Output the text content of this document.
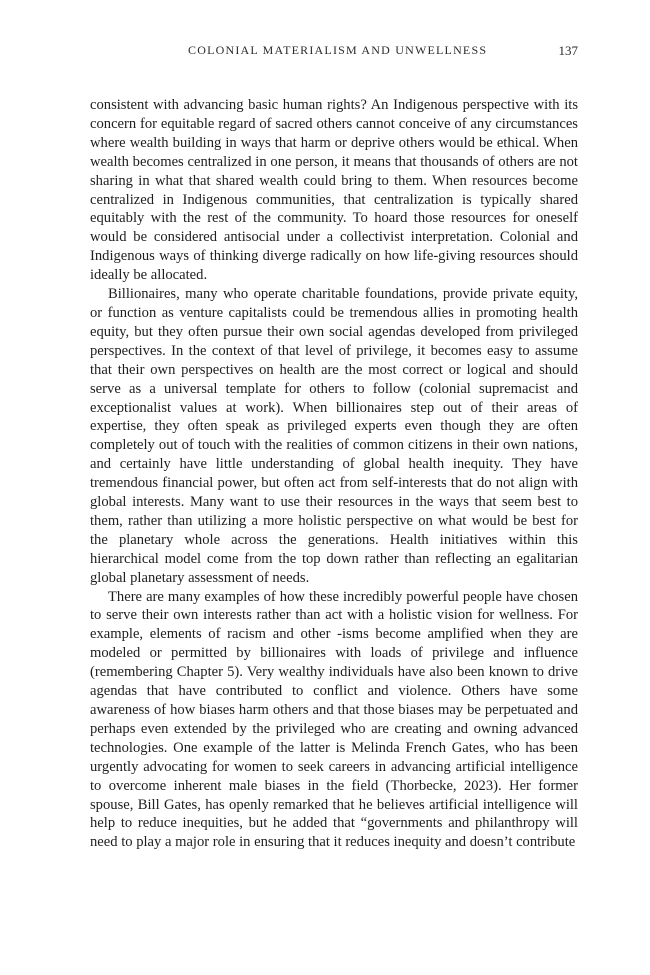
COLONIAL MATERIALISM AND UNWELLNESS	137

consistent with advancing basic human rights? An Indigenous perspective with its concern for equitable regard of sacred others cannot conceive of any circumstances where wealth building in ways that harm or deprive others would be ethical. When wealth becomes centralized in one person, it means that thousands of others are not sharing in what that shared wealth could bring to them. When resources become centralized in Indigenous communities, that centralization is typically shared equitably with the rest of the community. To hoard those resources for oneself would be considered antisocial under a collectivist interpretation. Colonial and Indigenous ways of thinking diverge radically on how life-giving resources should ideally be allocated.

Billionaires, many who operate charitable foundations, provide private equity, or function as venture capitalists could be tremendous allies in promoting health equity, but they often pursue their own social agendas developed from privileged perspectives. In the context of that level of privilege, it becomes easy to assume that their own perspectives on health are the most correct or logical and should serve as a universal template for others to follow (colonial supremacist and exceptionalist values at work). When billionaires step out of their areas of expertise, they often speak as privileged experts even though they are often completely out of touch with the realities of common citizens in their own nations, and certainly have little understanding of global health inequity. They have tremendous financial power, but often act from self-interests that do not align with global interests. Many want to use their resources in the ways that seem best to them, rather than utilizing a more holistic perspective on what would be best for the planetary whole across the generations. Health initiatives within this hierarchical model come from the top down rather than reflecting an egalitarian global planetary assessment of needs.

There are many examples of how these incredibly powerful people have chosen to serve their own interests rather than act with a holistic vision for wellness. For example, elements of racism and other -isms become amplified when they are modeled or permitted by billionaires with loads of privilege and influence (remembering Chapter 5). Very wealthy individuals have also been known to drive agendas that have contributed to conflict and violence. Others have some awareness of how biases harm others and that those biases may be perpetuated and perhaps even extended by the privileged who are creating and owning advanced technologies. One example of the latter is Melinda French Gates, who has been urgently advocating for women to seek careers in advancing artificial intelligence to overcome inherent male biases in the field (Thorbecke, 2023). Her former spouse, Bill Gates, has openly remarked that he believes artificial intelligence will help to reduce inequities, but he added that “governments and philanthropy will need to play a major role in ensuring that it reduces inequity and doesn’t contribute
